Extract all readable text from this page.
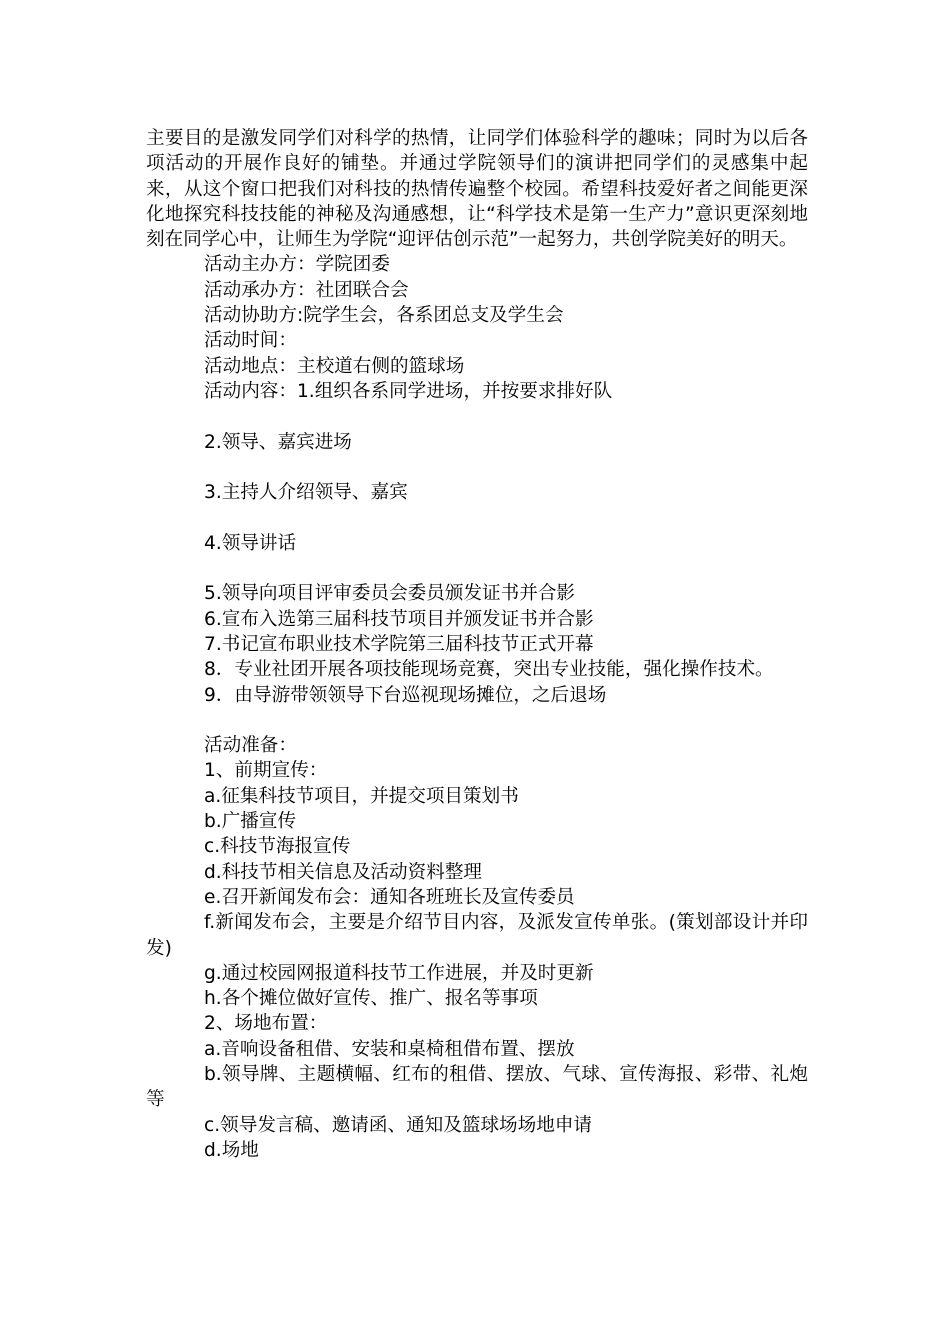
主要目的是激发同学们对科学的热情，让同学们体验科学的趣味；同时为以后各项活动的开展作良好的铺垫。并通过学院领导们的演讲把同学们的灵感集中起来，从这个窗口把我们对科技的热情传遍整个校园。希望科技爱好者之间能更深化地探究科技技能的神秘及沟通感想，让“科学技术是第一生产力”意识更深刻地刻在同学心中，让师生为学院“迎评估创示范”一起努力，共创学院美好的明天。

活动主办方：学院团委

活动承办方：社团联合会

活动协助方:院学生会，各系团总支及学生会

活动时间：

活动地点：主校道右侧的篮球场

活动内容：1.组织各系同学进场，并按要求排好队

2.领导、嘉宾进场

3.主持人介绍领导、嘉宾

4.领导讲话

5.领导向项目评审委员会委员颁发证书并合影

6.宣布入选第三届科技节项目并颁发证书并合影

7.书记宣布职业技术学院第三届科技节正式开幕

8．专业社团开展各项技能现场竞赛，突出专业技能，强化操作技术。

9．由导游带领领导下台巡视现场摊位，之后退场

活动准备：

1、前期宣传：

a.征集科技节项目，并提交项目策划书

b.广播宣传

c.科技节海报宣传

d.科技节相关信息及活动资料整理

e.召开新闻发布会：通知各班班长及宣传委员

f.新闻发布会，主要是介绍节目内容，及派发宣传单张。(策划部设计并印发)

g.通过校园网报道科技节工作进展，并及时更新

h.各个摊位做好宣传、推广、报名等事项

2、场地布置：

a.音响设备租借、安装和桌椅租借布置、摆放

b.领导牌、主题横幅、红布的租借、摆放、气球、宣传海报、彩带、礼炮等

c.领导发言稿、邀请函、通知及篮球场场地申请

d.场地
